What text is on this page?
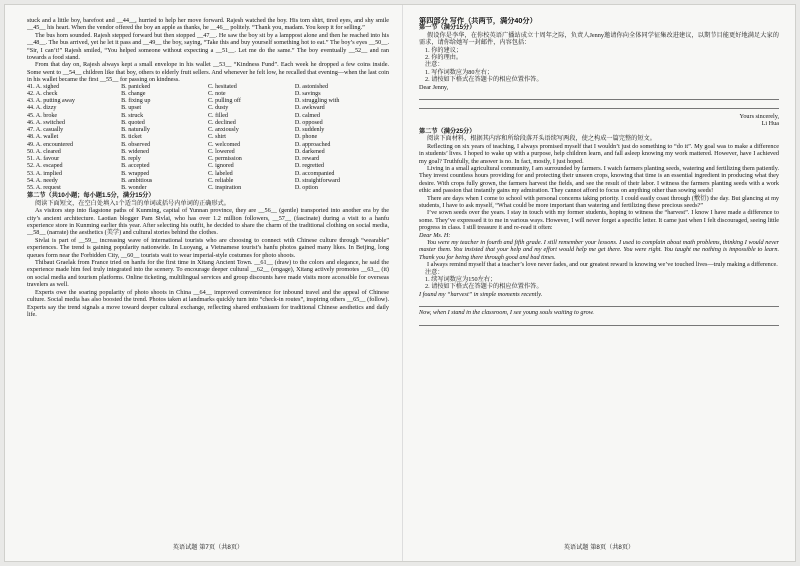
stuck and a little boy, barefoot and __44__, hurried to help her move forward. Rajesh watched the boy. His torn shirt, tired eyes, and shy smile __45__ his heart. When the vendor offered the boy an apple as thanks, he __46__ politely. “Thank you, madam. You keep it for selling.”

The bus horn sounded. Rajesh stepped forward but then stopped __47__. He saw the boy sit by a lamppost alone and then he reached into his __48__. The bus arrived, yet he let it pass and __49__ the boy, saying, “Take this and buy yourself something hot to eat.” The boy’s eyes __50__. “Sir, I can’t!” Rajesh smiled, “You helped someone without expecting a __51__. Let me do the same.” The boy eventually __52__ and ran towards a food stand.

From that day on, Rajesh always kept a small envelope in his wallet __53__ “Kindness Fund”. Each week he dropped a few coins inside. Some went to __54__ children like that boy, others to elderly fruit sellers. And whenever he felt low, he recalled that evening—when the last coin in his wallet became the first __55__ for passing on kindness.

41. A. sighed	B. panicked	C. hesitated	D. astonished
42. A. check	B. change	C. note	D. savings
43. A. putting away	B. fixing up	C. pulling off	D. struggling with
44. A. dizzy	B. upset	C. dusty	D. awkward
45. A. broke	B. struck	C. filled	D. calmed
46. A. switched	B. quoted	C. declined	D. opposed
47. A. casually	B. naturally	C. anxiously	D. suddenly
48. A. wallet	B. ticket	C. shirt	D. phone
49. A. encountered	B. observed	C. welcomed	D. approached
50. A. cleared	B. widened	C. lowered	D. darkened
51. A. favour	B. reply	C. permission	D. reward
52. A. escaped	B. accepted	C. ignored	D. regretted
53. A. implied	B. wrapped	C. labeled	D. accompanied
54. A. needy	B. ambitious	C. reliable	D. straightforward
55. A. request	B. wonder	C. inspiration	D. option
第二节（共10小题；每小题1.5分，满分15分）

阅读下面短文，在空白处填入1个适当的单词或括号内单词的正确形式。

As visitors step into flagstone paths of Kunming, capital of Yunnan province, they are __56__ (gentle) transported into another era by the city’s ancient architecture. Laotian blogger Pam Sivlai, who has over 1.2 million followers, __57__ (fascinate) during a visit to a hanfu experience store in Kunming earlier this year. After selecting his outfit, he decided to share the charm of the traditional clothing on social media, __58__ (narrate) the aesthetics (美学) and cultural stories behind the clothes.

Sivlai is part of __59__ increasing wave of international tourists who are choosing to connect with Chinese culture through “wearable” experiences. The trend is gaining popularity nationwide. In Luoyang, a Vietnamese tourist’s hanfu photos gained many likes. In Beijing, long queues form near the Forbidden City, __60__ tourists wait to wear imperial-style costumes for photo shoots.

Thibaut Graelak from France tried on hanfu for the first time in Xitang Ancient Town. __61__ (draw) to the colors and elegance, he said the experience made him feel truly integrated into the scenery. To encourage deeper cultural __62__ (engage), Xitang actively promotes __63__ (it) on social media and tourism platforms. Online ticketing, multilingual services and group discounts have made visits more accessible for overseas travelers as well.

Experts owe the soaring popularity of photo shoots in China __64__ improved convenience for inbound travel and the appeal of Chinese culture. Social media has also boosted the trend. Photos taken at landmarks quickly turn into “check-in routes”, inspiring others __65__ (follow). Experts say the trend signals a move toward deeper cultural exchange, reflecting shared enthusiasm for traditional Chinese aesthetics and daily life.

英语试题 第7页（共8页）
第四部分 写作（共两节，满分40分）
第一节（满分15分）

假设你是李华，在你校英语广播站成立十周年之际，负责人Jenny邀请你向全体同学征集改进建议，以期节目能更好地满足大家的需求，请你给她写一封邮件，内容包括：

1. 你的建议；
2. 你的理由。
注意：
1. 写作词数应为80左右；
2. 请按如下格式在答题卡的相应位置作答。
Dear Jenny,
Yours sincerely,
Li Hua
第二节（满分25分）

阅读下面材料，根据其内容和所给段落开头语续写两段，使之构成一篇完整的短文。

Reflecting on six years of teaching, I always promised myself that I wouldn’t just do something to “do it”. My goal was to make a difference in students’ lives. I hoped to wake up with a purpose, help children learn, and fall asleep knowing my work mattered. However, have I achieved my goal? Truthfully, the answer is no. In fact, mostly, I just hoped.

Living in a small agricultural community, I am surrounded by farmers. I watch farmers planting seeds, watering and fertilizing them patiently. They invest countless hours providing for and protecting their unseen crops, knowing that time is an essential ingredient in producing what they desire. With crops fully grown, the farmers harvest the fields, and see the result of their labor. I witness the farmers planting seeds with a work ethic and passion that instantly gains my admiration. They cannot afford to focus on anything other than sowing seeds!

There are days when I come to school with personal concerns taking priority. I could easily coast through (敷衍) the day. But glancing at my students, I have to ask myself, “What could be more important than watering and fertilizing these precious seeds?”

I’ve sown seeds over the years. I stay in touch with my former students, hoping to witness the “harvest”. I know I have made a difference to some. They’ve expressed it to me in various ways. However, I will never forget a specific letter. It came just when I felt discouraged, seeing little progress in class. I still treasure it and re-read it often:

Dear Ms. H:

You were my teacher in fourth and fifth grade. I still remember your lessons. I used to complain about math problems, thinking I would never master them. You insisted that your help and my effort would help me get there. You were right. You taught me nothing is impossible to learn. Thank you for being there through good and bad times.

I always remind myself that a teacher’s love never fades, and our greatest reward is knowing we’ve touched lives—truly making a difference.

注意：
1. 续写词数应为150左右；
2. 请按如下格式在答题卡的相应位置作答。
I found my “harvest” in simple moments recently.
Now, when I stand in the classroom, I see young souls waiting to grow.
英语试题 第8页（共8页）
